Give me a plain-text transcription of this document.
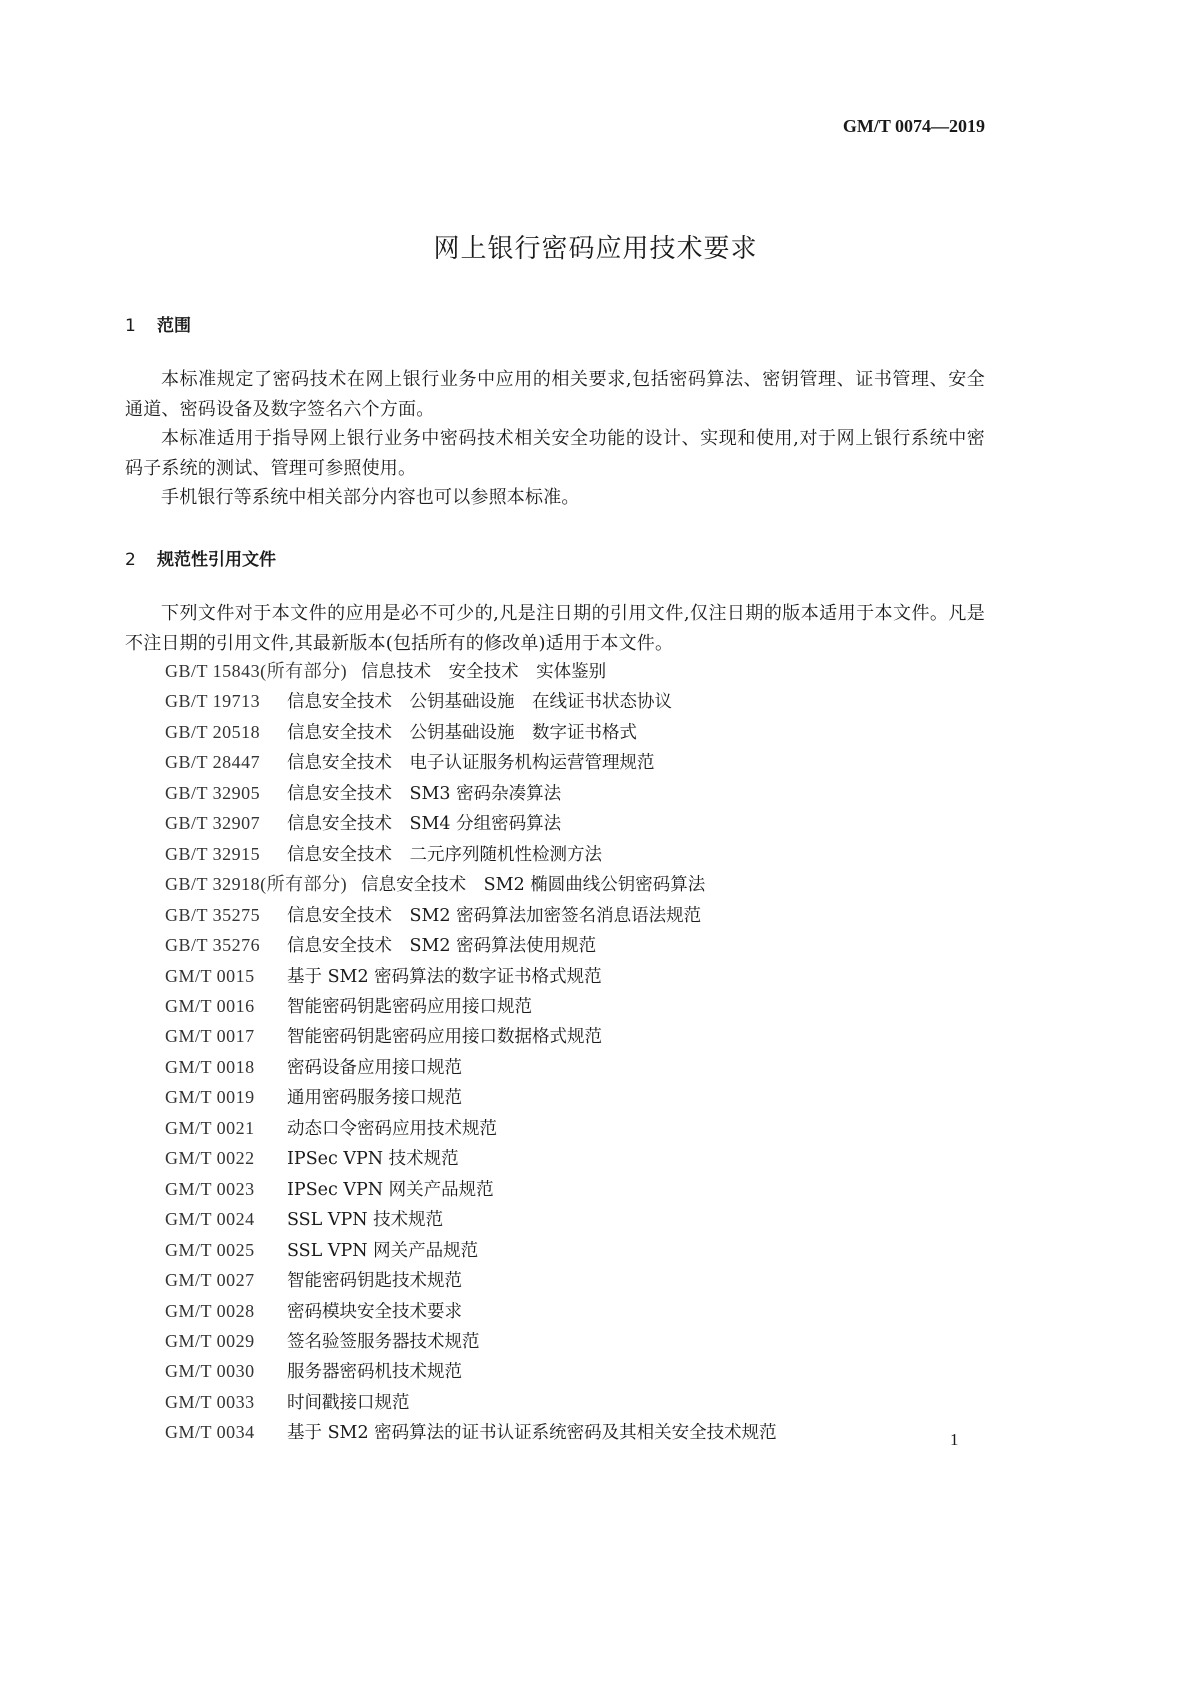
GM/T 0074—2019
网上银行密码应用技术要求
1 范围

本标准规定了密码技术在网上银行业务中应用的相关要求,包括密码算法、密钥管理、证书管理、安全通道、密码设备及数字签名六个方面。

本标准适用于指导网上银行业务中密码技术相关安全功能的设计、实现和使用,对于网上银行系统中密码子系统的测试、管理可参照使用。

手机银行等系统中相关部分内容也可以参照本标准。

2 规范性引用文件

下列文件对于本文件的应用是必不可少的,凡是注日期的引用文件,仅注日期的版本适用于本文件。凡是不注日期的引用文件,其最新版本(包括所有的修改单)适用于本文件。

GB/T 15843(所有部分) 信息技术　安全技术　实体鉴别
GB/T 19713 信息安全技术　公钥基础设施　在线证书状态协议
GB/T 20518 信息安全技术　公钥基础设施　数字证书格式
GB/T 28447 信息安全技术　电子认证服务机构运营管理规范
GB/T 32905 信息安全技术　SM3 密码杂凑算法
GB/T 32907 信息安全技术　SM4 分组密码算法
GB/T 32915 信息安全技术　二元序列随机性检测方法
GB/T 32918(所有部分) 信息安全技术　SM2 椭圆曲线公钥密码算法
GB/T 35275 信息安全技术　SM2 密码算法加密签名消息语法规范
GB/T 35276 信息安全技术　SM2 密码算法使用规范
GM/T 0015 基于 SM2 密码算法的数字证书格式规范
GM/T 0016 智能密码钥匙密码应用接口规范
GM/T 0017 智能密码钥匙密码应用接口数据格式规范
GM/T 0018 密码设备应用接口规范
GM/T 0019 通用密码服务接口规范
GM/T 0021 动态口令密码应用技术规范
GM/T 0022 IPSec VPN 技术规范
GM/T 0023 IPSec VPN 网关产品规范
GM/T 0024 SSL VPN 技术规范
GM/T 0025 SSL VPN 网关产品规范
GM/T 0027 智能密码钥匙技术规范
GM/T 0028 密码模块安全技术要求
GM/T 0029 签名验签服务器技术规范
GM/T 0030 服务器密码机技术规范
GM/T 0033 时间戳接口规范
GM/T 0034 基于 SM2 密码算法的证书认证系统密码及其相关安全技术规范	1
